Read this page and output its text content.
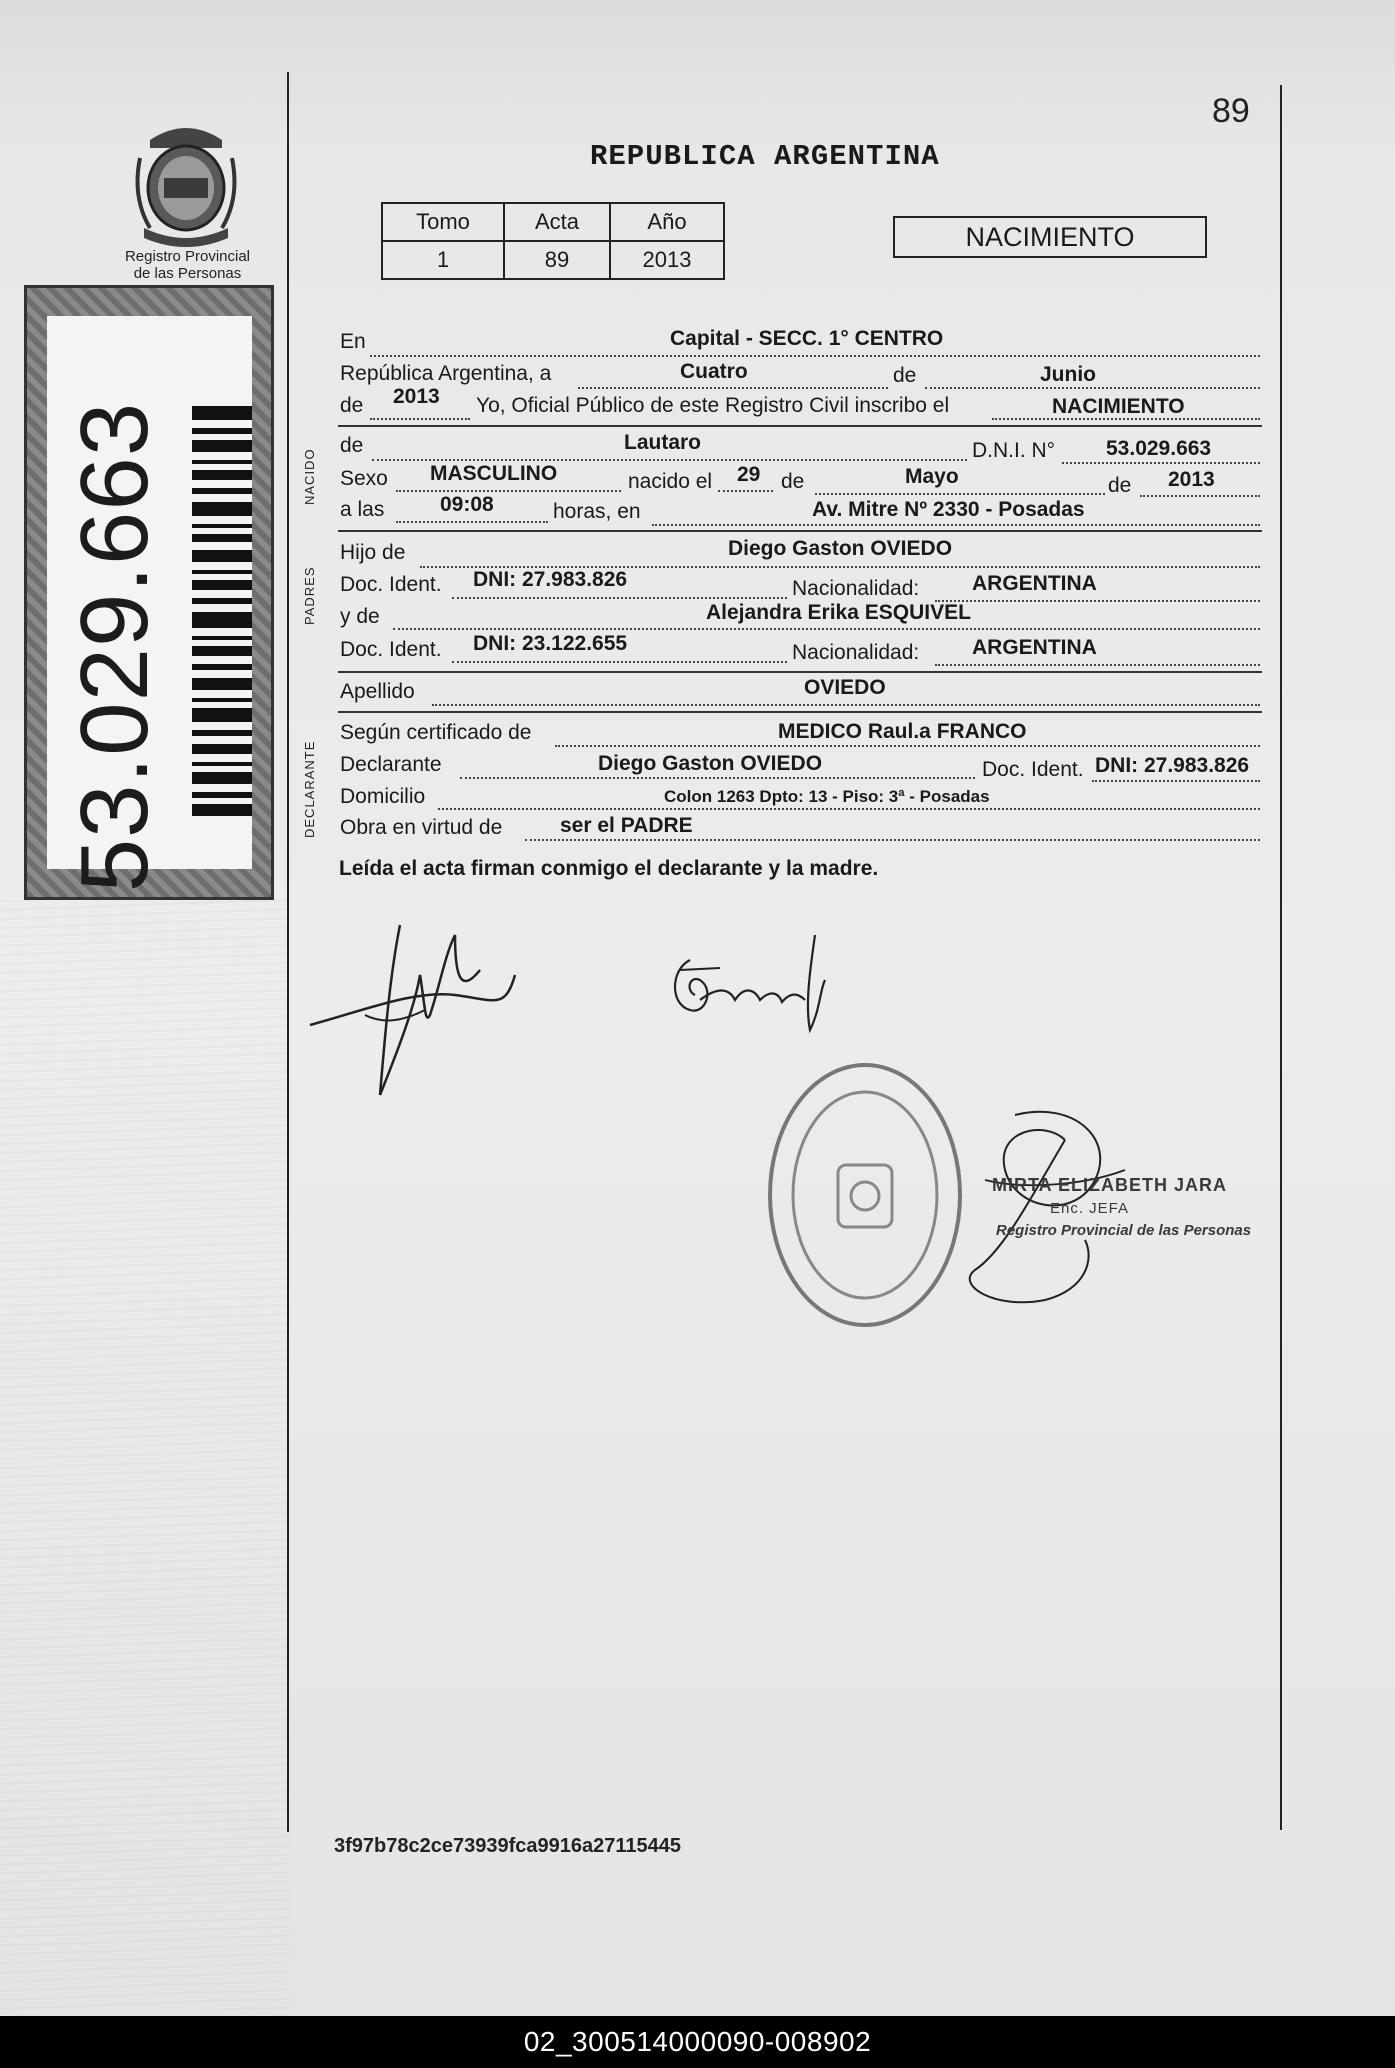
89
Registro Provincial
de las Personas
53.029.663
REPUBLICA ARGENTINA
Tomo	Acta	Año
1	89	2013
NACIMIENTO
En	Capital - SECC. 1° CENTRO
República Argentina, a	Cuatro	de	Junio
de 2013 Yo, Oficial Público de este Registro Civil inscribo el	NACIMIENTO
NACIDO
de	Lautaro	D.N.I. N° 53.029.663
Sexo MASCULINO	nacido el 29 de	Mayo	de 2013
a las	09:08	horas, en	Av. Mitre Nº 2330 - Posadas
PADRES
Hijo de	Diego Gaston OVIEDO
Doc. Ident. DNI: 27.983.826	Nacionalidad:	ARGENTINA
y de	Alejandra Erika ESQUIVEL
Doc. Ident. DNI: 23.122.655	Nacionalidad:	ARGENTINA
Apellido	OVIEDO
DECLARANTE
Según certificado de	MEDICO Raul.a FRANCO
Declarante	Diego Gaston OVIEDO	Doc. Ident. DNI: 27.983.826
Domicilio	Colon 1263 Dpto: 13 - Piso: 3ª - Posadas
Obra en virtud de	ser el PADRE
Leída el acta firman conmigo el declarante y la madre.
MIRTA ELIZABETH JARA
Enc. JEFA
Registro Provincial de las Personas
3f97b78c2ce73939fca9916a27115445
02_300514000090-008902
